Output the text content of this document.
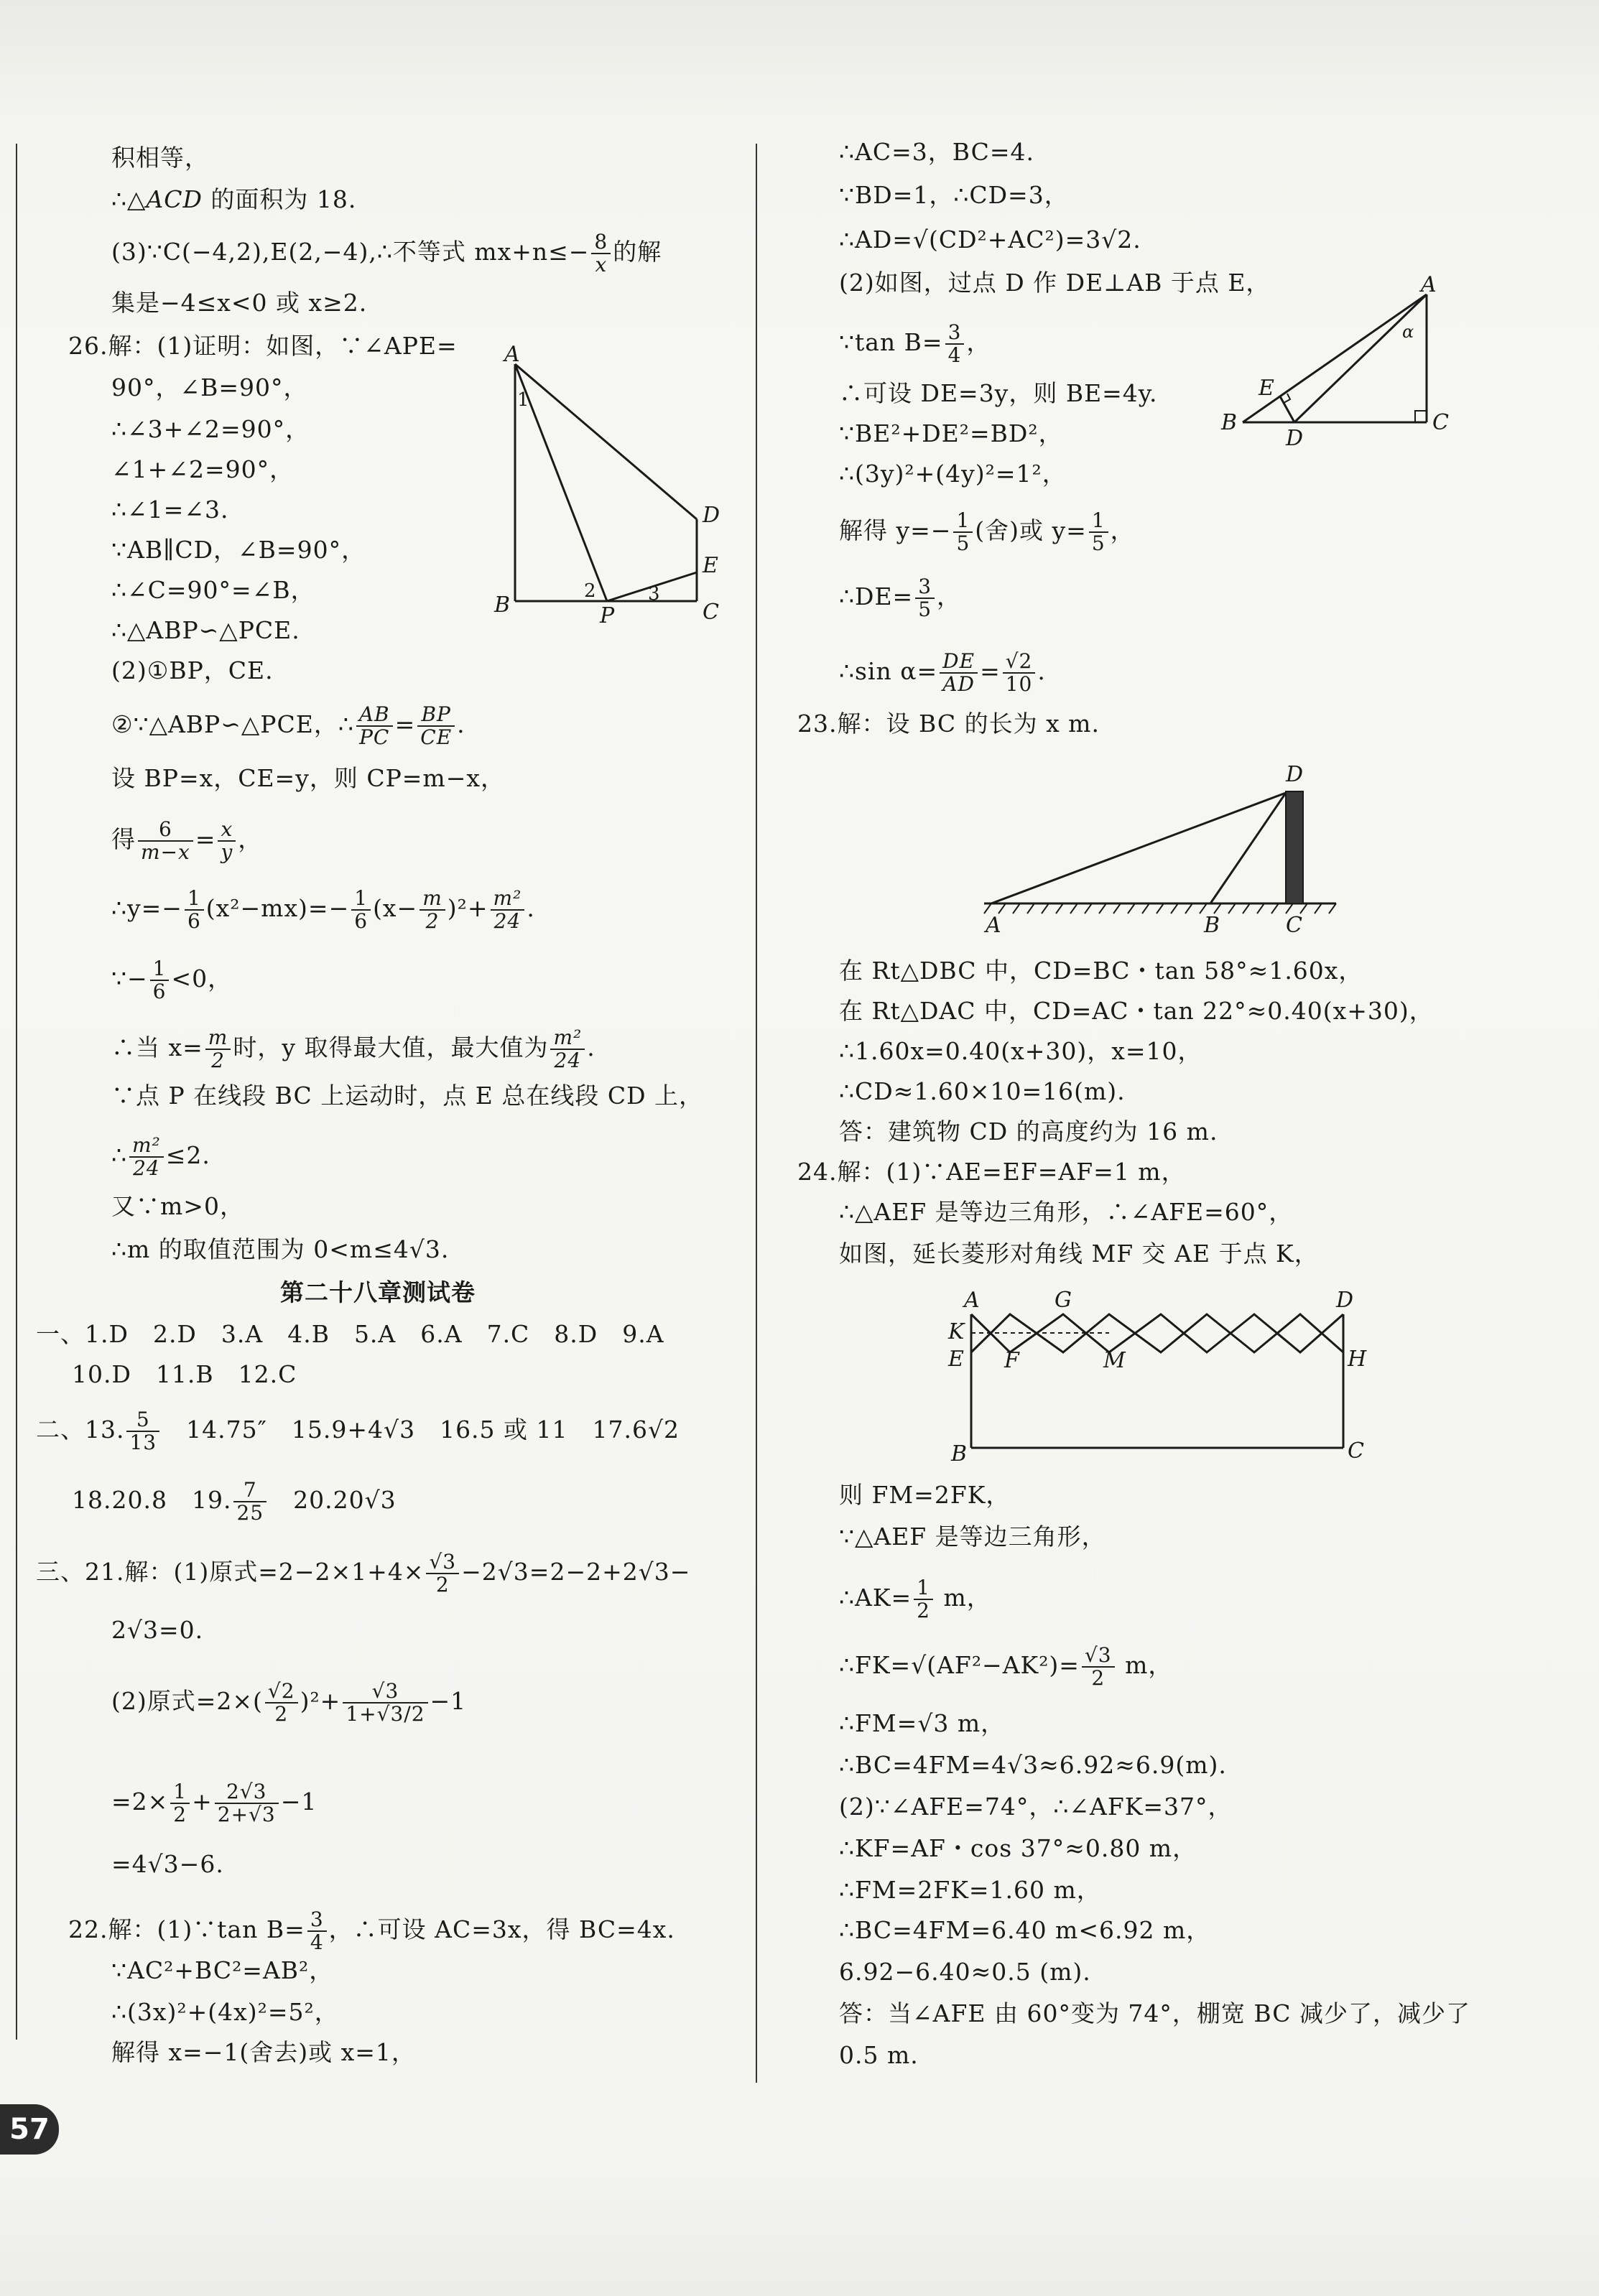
积相等，
∴△ACD 的面积为 18.
(3)∵C(−4,2),E(2,−4),∴不等式 $mx+n\le- \frac{8}{x}$ 的解
集是−4≤x<0 或 x≥2.
26.解：(1)证明：如图，∵∠APE=
90°，∠B=90°，
∴∠3+∠2=90°，
∠1+∠2=90°，
∴∠1=∠3.
∵AB∥CD，∠B=90°，
∴∠C=90°=∠B，
∴△ABP∽△PCE.
(2)①BP，CE.
②∵△ABP∽△PCE，∴ $\frac{AB}{PC} = \frac{BP}{CE}$ .
设 BP=x，CE=y，则 CP=m−x，
得 $\frac{6}{m-x} = \frac{x}{y}$ ，
∴y=− $\frac{1}{6} (x^2-mx)=- \frac{1}{6} (x- \frac{m}{2} )^2+ \frac{\text{m²}}{24}$ .
∵− $\frac{1}{6} <0$，
∴当 $x= \frac{m}{2}$ 时，y 取得最大值，最大值为 $\frac{\text{m²}}{24}$ .
∵点 P 在线段 BC 上运动时，点 E 总在线段 CD 上，
∴ $\frac{\text{m²}}{24} \le 2$.
又∵m>0，
∴m 的取值范围为 0<m≤4√3.
第二十八章测试卷
一、1.D　2.D　3.A　4.B　5.A　6.A　7.C　8.D　9.A
10.D　11.B　12.C
二、13. $\frac{5}{13}$ 　14.75″　15.9+4√3　16.5 或 11　17.6√2
18.20.8　19. $\frac{7}{25}$ 　20.20√3
三、21.解：(1)原式$=2-2\times 1+4\times \frac{√3}{2} -2√3=2-2+2√3-$
2√3=0.
(2)原式$=2\times( \frac{√2}{2} )^2+ \frac{√3}{1+√3/2} -1$
$=2\times \frac{1}{2} + \frac{2√3}{2+√3} -1$
=4√3−6.
22.解：(1)∵tan $B= \frac{3}{4}$ ，∴可设 AC=3x，得 BC=4x.
∵AC²+BC²=AB²，
∴(3x)²+(4x)²=5²，
解得 x=−1(舍去)或 x=1，
A
B	C
D
E
P
1
2	3
∴AC=3，BC=4.
∵BD=1，∴CD=3，
∴AD=√(CD²+AC²)=3√2.
(2)如图，过点 D 作 DE⊥AB 于点 E，
∵tan $B= \frac{3}{4}$ ，
∴可设 DE=3y，则 BE=4y.
∵BE²+DE²=BD²，
∴(3y)²+(4y)²=1²，
解得 $y=- \frac{1}{5}$ (舍)或 $y= \frac{1}{5}$ ，
∴DE= $\frac{3}{5}$ ，
∴sin $\alpha= \frac{DE}{AD} = \frac{√2}{10}$ .
23.解：设 BC 的长为 x m.
在 Rt△DBC 中，CD=BC・tan 58°≈1.60x，
在 Rt△DAC 中，CD=AC・tan 22°≈0.40(x+30)，
∴1.60x=0.40(x+30)，x=10，
∴CD≈1.60×10=16(m).
答：建筑物 CD 的高度约为 16 m.
24.解：(1)∵AE=EF=AF=1 m，
∴△AEF 是等边三角形，∴∠AFE=60°，
如图，延长菱形对角线 MF 交 AE 于点 K，
则 FM=2FK，
∵△AEF 是等边三角形，
∴AK= $\frac{1}{2}$ m，
∴FK=√(AF²−AK²)= $\frac{√3}{2}$ m，
∴FM=√3 m，
∴BC=4FM=4√3≈6.92≈6.9(m).
(2)∵∠AFE=74°，∴∠AFK=37°，
∴KF=AF・cos 37°≈0.80 m，
∴FM=2FK=1.60 m，
∴BC=4FM=6.40 m<6.92 m，
6.92−6.40≈0.5 (m).
答：当∠AFE 由 60°变为 74°，棚宽 BC 减少了，减少了
0.5 m.
A
B	C
D
E
α
A	B	C
D
A	G	D
K
E F	M	H
B	C
57
